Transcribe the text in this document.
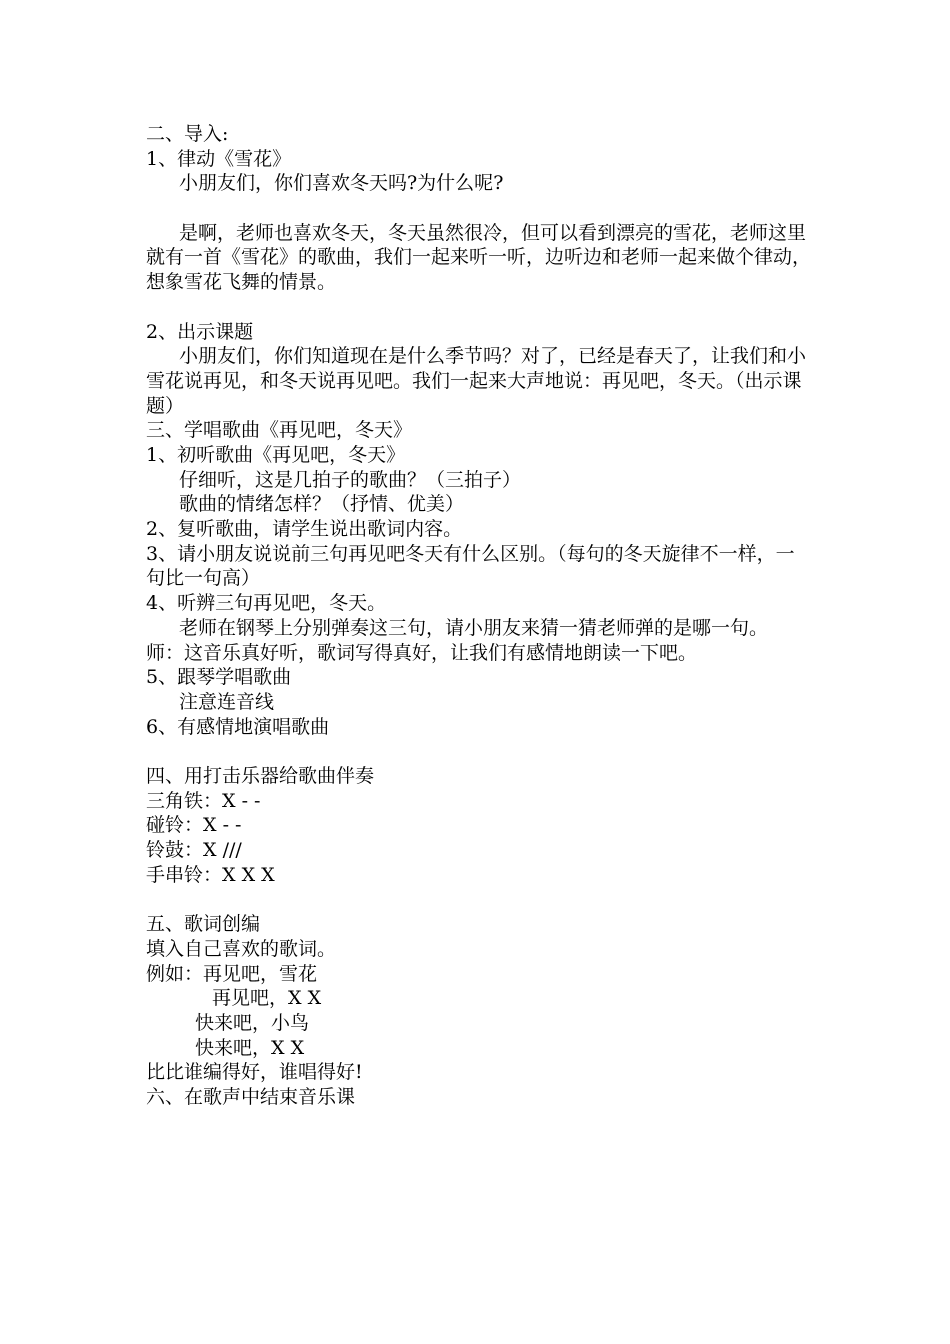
二、导入:
1、律动《雪花》
小朋友们，你们喜欢冬天吗?为什么呢?
是啊，老师也喜欢冬天，冬天虽然很冷，但可以看到漂亮的雪花，老师这里就有一首《雪花》的歌曲，我们一起来听一听，边听边和老师一起来做个律动，想象雪花飞舞的情景。
2、出示课题
小朋友们，你们知道现在是什么季节吗？对了，已经是春天了，让我们和小雪花说再见，和冬天说再见吧。我们一起来大声地说：再见吧，冬天。（出示课题）
三、学唱歌曲《再见吧，冬天》
1、初听歌曲《再见吧，冬天》
仔细听，这是几拍子的歌曲？（三拍子）
歌曲的情绪怎样？（抒情、优美）
2、复听歌曲，请学生说出歌词内容。
3、请小朋友说说前三句再见吧冬天有什么区别。（每句的冬天旋律不一样，一句比一句高）
4、听辨三句再见吧，冬天。
老师在钢琴上分别弹奏这三句，请小朋友来猜一猜老师弹的是哪一句。
师：这音乐真好听，歌词写得真好，让我们有感情地朗读一下吧。
5、跟琴学唱歌曲
注意连音线
6、有感情地演唱歌曲
四、用打击乐器给歌曲伴奏
三角铁：X - -
碰铃：X - -
铃鼓：X ///
手串铃：X X X
五、歌词创编
填入自己喜欢的歌词。
例如：再见吧，雪花
再见吧，X X
快来吧，小鸟
快来吧，X X
比比谁编得好，谁唱得好!
六、在歌声中结束音乐课
